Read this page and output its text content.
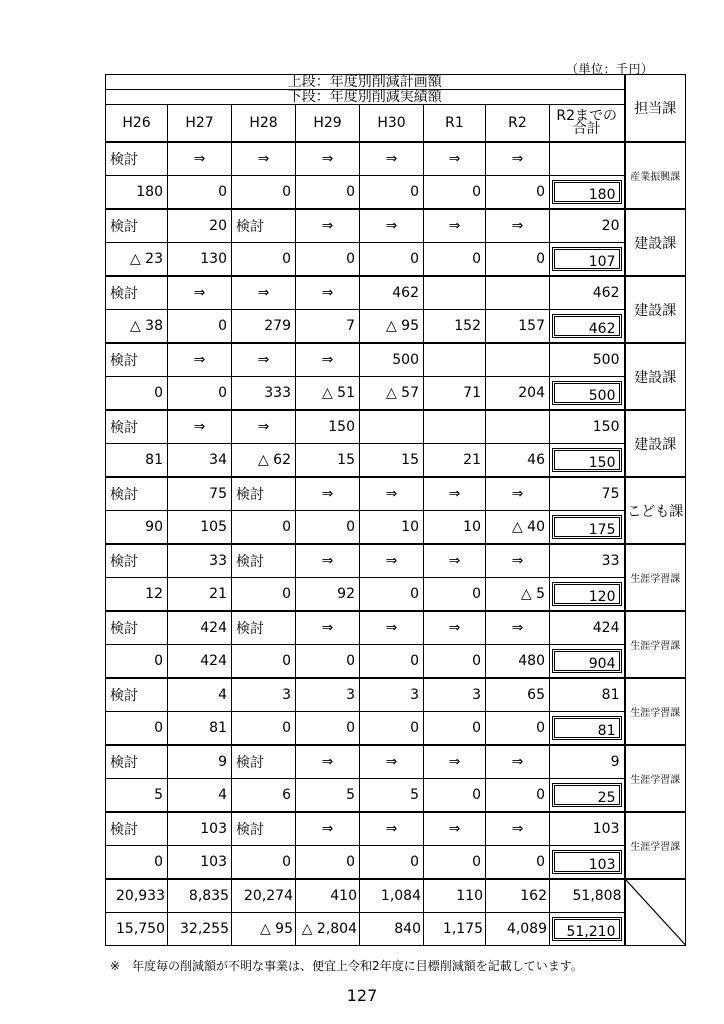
（単位：千円）
上段：年度別削減計画額								担当課
下段：年度別削減実績額								
H26	H27	H28	H29	H30	R1	R2	R2までの
合計	

検討	⇒	⇒	⇒	⇒	⇒	⇒		産業振興課
180	0	0	0	0	0	0	180	

検討	20	検討	⇒	⇒	⇒	⇒	20	建設課
△ 23	130	0	0	0	0	0	107	

検討	⇒	⇒	⇒	462			462	建設課
△ 38	0	279	7	△ 95	152	157	462	

検討	⇒	⇒	⇒	500			500	建設課
0	0	333	△ 51	△ 57	71	204	500	

検討	⇒	⇒	150				150	建設課
81	34	△ 62	15	15	21	46	150	

検討	75	検討	⇒	⇒	⇒	⇒	75	こども課
90	105	0	0	10	10	△ 40	175	

検討	33	検討	⇒	⇒	⇒	⇒	33	生涯学習課
12	21	0	92	0	0	△ 5	120	

検討	424	検討	⇒	⇒	⇒	⇒	424	生涯学習課
0	424	0	0	0	0	480	904	

検討	4	3	3	3	3	65	81	生涯学習課
0	81	0	0	0	0	0	81	

検討	9	検討	⇒	⇒	⇒	⇒	9	生涯学習課
5	4	6	5	5	0	0	25	

検討	103	検討	⇒	⇒	⇒	⇒	103	生涯学習課
0	103	0	0	0	0	0	103	

20,933	8,835	20,274	410	1,084	110	162	51,808	

15,750	32,255	△ 95	△ 2,804	840	1,175	4,089	51,210	
※　年度毎の削減額が不明な事業は、便宜上令和2年度に目標削減額を記載しています。
127
